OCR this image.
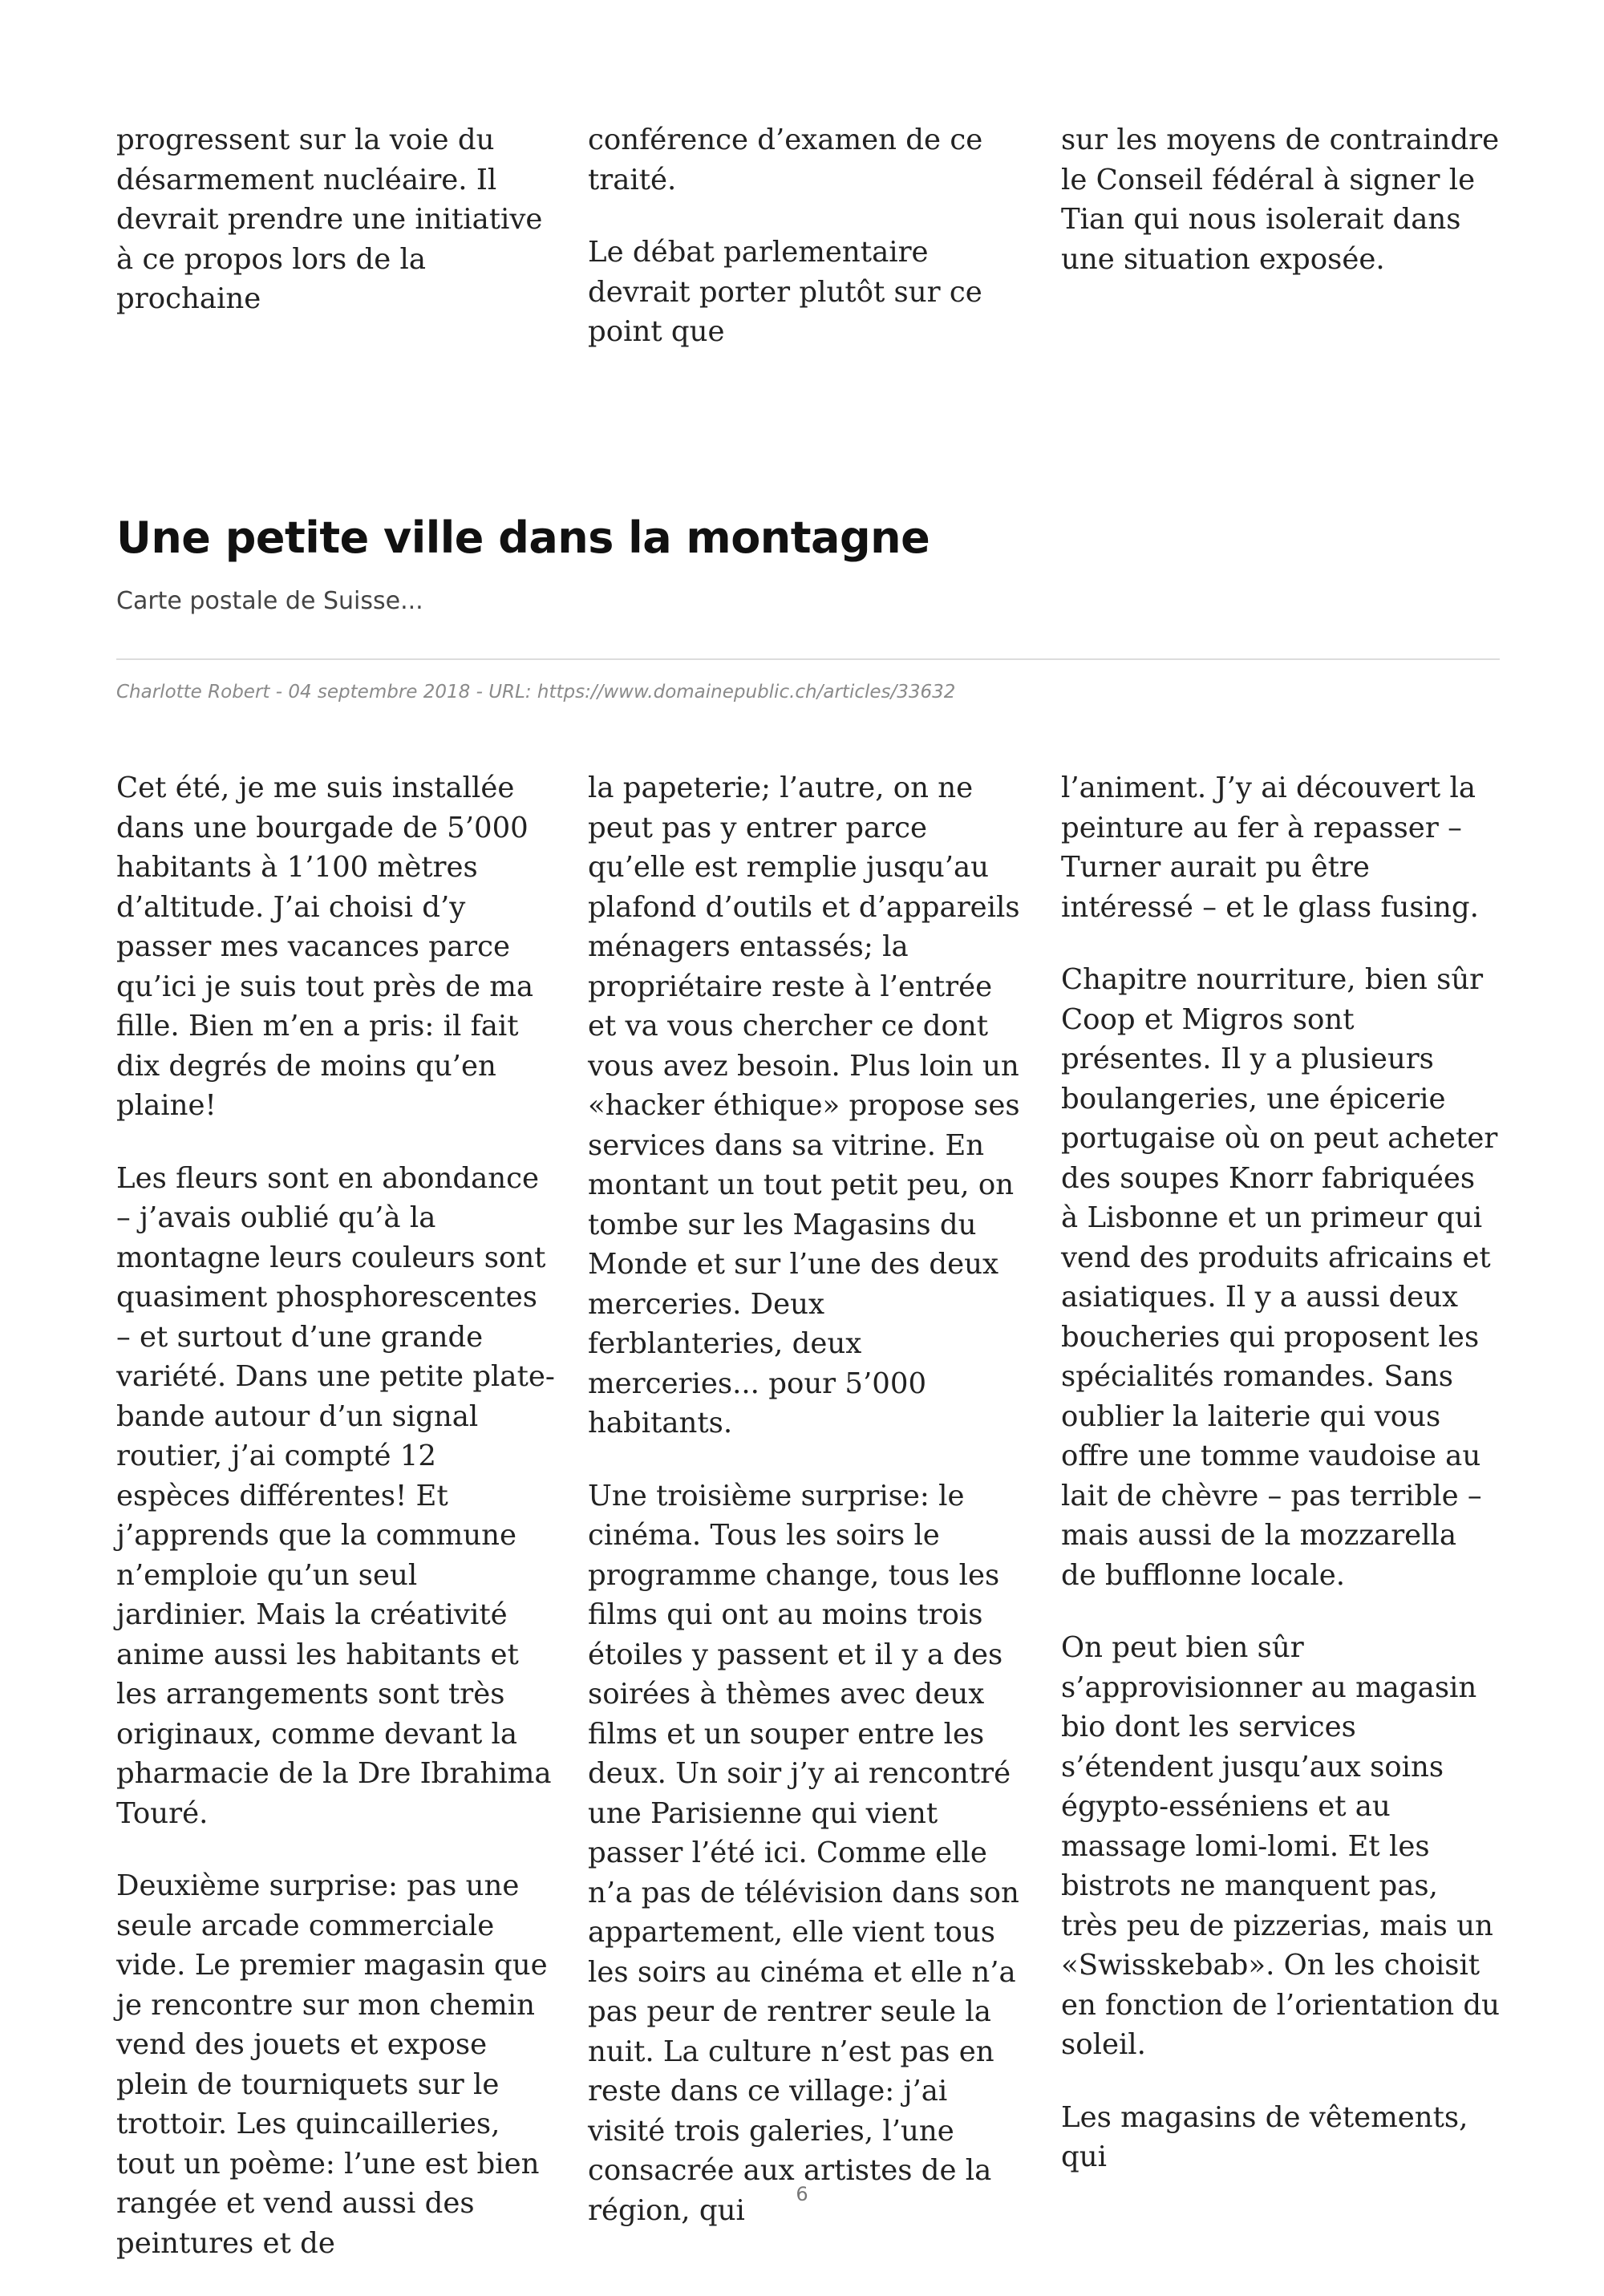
progressent sur la voie du désarmement nucléaire. Il devrait prendre une initiative à ce propos lors de la prochaine

conférence d’examen de ce traité.

Le débat parlementaire devrait porter plutôt sur ce point que

sur les moyens de contraindre le Conseil fédéral à signer le Tian qui nous isolerait dans une situation exposée.

Une petite ville dans la montagne

Carte postale de Suisse...

Charlotte Robert - 04 septembre 2018 - URL: https://www.domainepublic.ch/articles/33632

Cet été, je me suis installée dans une bourgade de 5’000 habitants à 1’100 mètres d’altitude. J’ai choisi d’y passer mes vacances parce qu’ici je suis tout près de ma fille. Bien m’en a pris: il fait dix degrés de moins qu’en plaine!

Les fleurs sont en abondance – j’avais oublié qu’à la montagne leurs couleurs sont quasiment phosphorescentes – et surtout d’une grande variété. Dans une petite plate-bande autour d’un signal routier, j’ai compté 12 espèces différentes! Et j’apprends que la commune n’emploie qu’un seul jardinier. Mais la créativité anime aussi les habitants et les arrangements sont très originaux, comme devant la pharmacie de la Dre Ibrahima Touré.

Deuxième surprise: pas une seule arcade commerciale vide. Le premier magasin que je rencontre sur mon chemin vend des jouets et expose plein de tourniquets sur le trottoir. Les quincailleries, tout un poème: l’une est bien rangée et vend aussi des peintures et de

la papeterie; l’autre, on ne peut pas y entrer parce qu’elle est remplie jusqu’au plafond d’outils et d’appareils ménagers entassés; la propriétaire reste à l’entrée et va vous chercher ce dont vous avez besoin. Plus loin un «hacker éthique» propose ses services dans sa vitrine. En montant un tout petit peu, on tombe sur les Magasins du Monde et sur l’une des deux merceries. Deux ferblanteries, deux merceries... pour 5’000 habitants.

Une troisième surprise: le cinéma. Tous les soirs le programme change, tous les films qui ont au moins trois étoiles y passent et il y a des soirées à thèmes avec deux films et un souper entre les deux. Un soir j’y ai rencontré une Parisienne qui vient passer l’été ici. Comme elle n’a pas de télévision dans son appartement, elle vient tous les soirs au cinéma et elle n’a pas peur de rentrer seule la nuit. La culture n’est pas en reste dans ce village: j’ai visité trois galeries, l’une consacrée aux artistes de la région, qui

l’animent. J’y ai découvert la peinture au fer à repasser – Turner aurait pu être intéressé – et le glass fusing.

Chapitre nourriture, bien sûr Coop et Migros sont présentes. Il y a plusieurs boulangeries, une épicerie portugaise où on peut acheter des soupes Knorr fabriquées à Lisbonne et un primeur qui vend des produits africains et asiatiques. Il y a aussi deux boucheries qui proposent les spécialités romandes. Sans oublier la laiterie qui vous offre une tomme vaudoise au lait de chèvre – pas terrible – mais aussi de la mozzarella de bufflonne locale.

On peut bien sûr s’approvisionner au magasin bio dont les services s’étendent jusqu’aux soins égypto-esséniens et au massage lomi-lomi. Et les bistrots ne manquent pas, très peu de pizzerias, mais un «Swisskebab». On les choisit en fonction de l’orientation du soleil.

Les magasins de vêtements, qui

6
